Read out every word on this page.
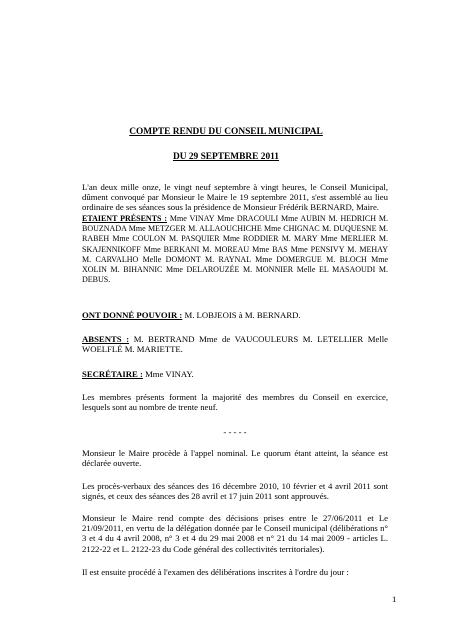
COMPTE RENDU DU CONSEIL MUNICIPAL
DU 29 SEPTEMBRE 2011
L'an deux mille onze, le vingt neuf septembre à vingt heures, le Conseil Municipal, dûment convoqué par Monsieur le Maire le 19 septembre 2011, s'est assemblé au lieu ordinaire de ses séances sous la présidence de Monsieur Frédérik BERNARD, Maire.
ETAIENT PRÉSENTS : Mme VINAY Mme DRACOULI Mme AUBIN M. HEDRICH M. BOUZNADA Mme METZGER M. ALLAOUCHICHE Mme CHIGNAC M. DUQUESNE M. RABEH Mme COULON M. PASQUIER Mme RODDIER M. MARY Mme MERLIER M. SKAJENNIKOFF Mme BERKANI M. MOREAU Mme BAS Mme PENSIVY M. MEHAY M. CARVALHO Melle DOMONT M. RAYNAL Mme DOMERGUE M. BLOCH Mme XOLIN M. BIHANNIC Mme DELAROUZÉE M. MONNIER Melle EL MASAOUDI M. DEBUS.
ONT DONNÉ POUVOIR : M. LOBJEOIS à M. BERNARD.
ABSENTS : M. BERTRAND Mme de VAUCOULEURS M. LETELLIER Melle WOELFLÉ M. MARIETTE.
SECRÉTAIRE : Mme VINAY.
Les membres présents forment la majorité des membres du Conseil en exercice, lesquels sont au nombre de trente neuf.
- - - - -
Monsieur le Maire procède à l'appel nominal. Le quorum étant atteint, la séance est déclarée ouverte.
Les procès-verbaux des séances des 16 décembre 2010, 10 février et 4 avril 2011 sont signés, et ceux des séances des 28 avril et 17 juin 2011 sont approuvés.
Monsieur le Maire rend compte des décisions prises entre le 27/06/2011 et Le 21/09/2011, en vertu de la délégation donnée par le Conseil municipal (délibérations n° 3 et 4 du 4 avril 2008, n° 3 et 4 du 29 mai 2008 et n° 21 du 14 mai 2009 - articles L. 2122-22 et L. 2122-23 du Code général des collectivités territoriales).
Il est ensuite procédé à l'examen des délibérations inscrites à l'ordre du jour :
1
